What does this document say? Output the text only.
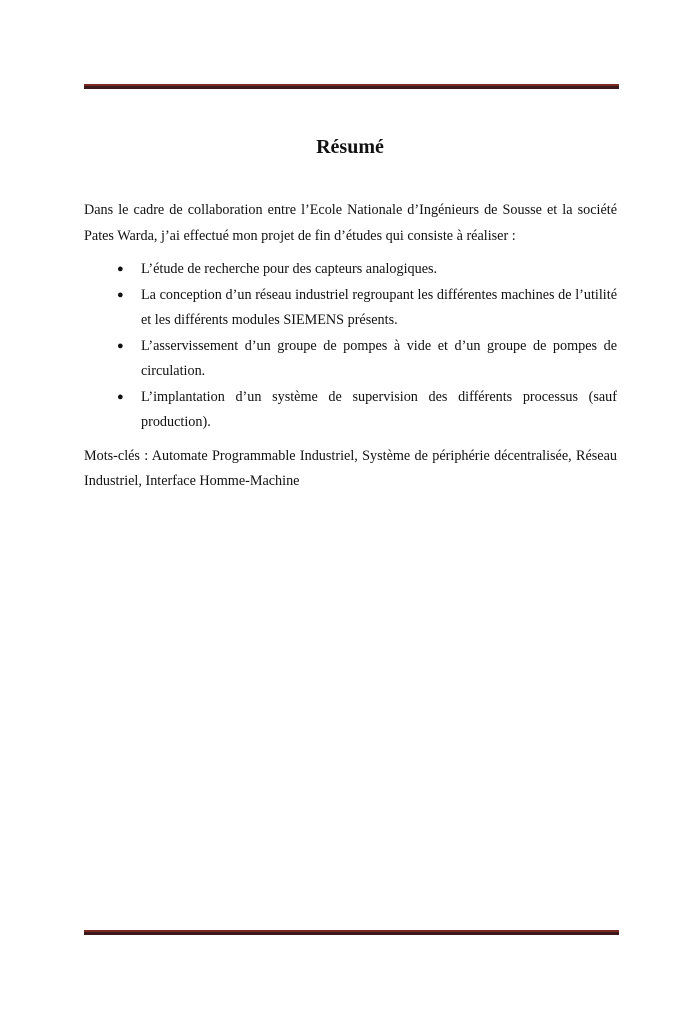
Résumé

Dans le cadre de collaboration entre l’Ecole Nationale d’Ingénieurs de Sousse et la société Pates Warda, j’ai effectué mon projet de fin d’études qui consiste à réaliser :

● L’étude de recherche pour des capteurs analogiques.
● La conception d’un réseau industriel regroupant les différentes machines de l’utilité et les différents modules SIEMENS présents.
● L’asservissement d’un groupe de pompes à vide et d’un groupe de pompes de circulation.
● L’implantation d’un système de supervision des différents processus (sauf production).

Mots-clés : Automate Programmable Industriel, Système de périphérie décentralisée, Réseau Industriel, Interface Homme-Machine
